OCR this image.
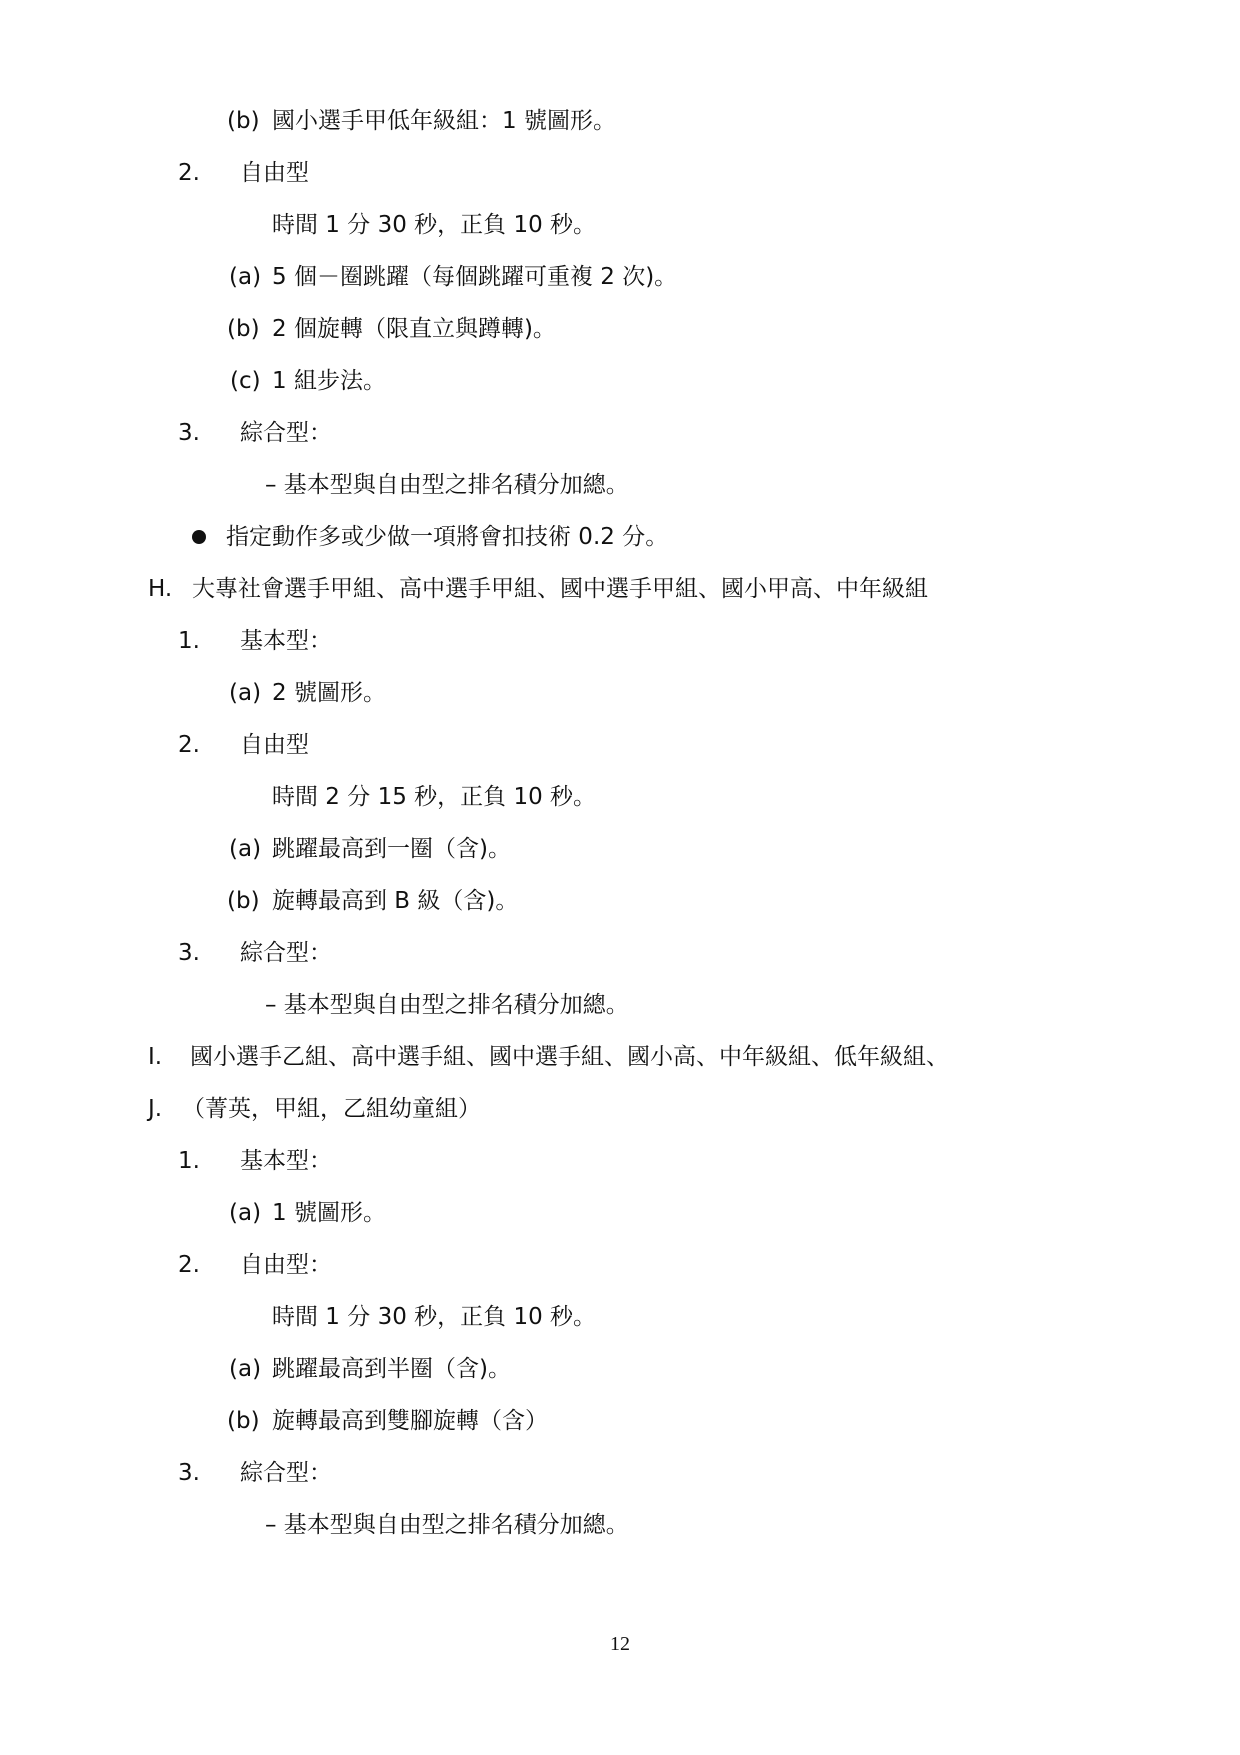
(b) 國小選手甲低年級組：1 號圖形。
2. 自由型
時間 1 分 30 秒，正負 10 秒。
(a) 5 個－圈跳躍（每個跳躍可重複 2 次)。
(b) 2 個旋轉（限直立與蹲轉)。
(c) 1 組步法。
3. 綜合型：
– 基本型與自由型之排名積分加總。
指定動作多或少做一項將會扣技術 0.2 分。
H. 大專社會選手甲組、高中選手甲組、國中選手甲組、國小甲高、中年級組
1. 基本型：
(a) 2 號圖形。
2. 自由型
時間 2 分 15 秒，正負 10 秒。
(a) 跳躍最高到一圈（含)。
(b) 旋轉最高到 B 級（含)。
3. 綜合型：
– 基本型與自由型之排名積分加總。
I. 國小選手乙組、高中選手組、國中選手組、國小高、中年級組、低年級組、
J. （菁英，甲組，乙組幼童組）
1. 基本型：
(a) 1 號圖形。
2. 自由型：
時間 1 分 30 秒，正負 10 秒。
(a) 跳躍最高到半圈（含)。
(b) 旋轉最高到雙腳旋轉（含）
3. 綜合型：
– 基本型與自由型之排名積分加總。
12
